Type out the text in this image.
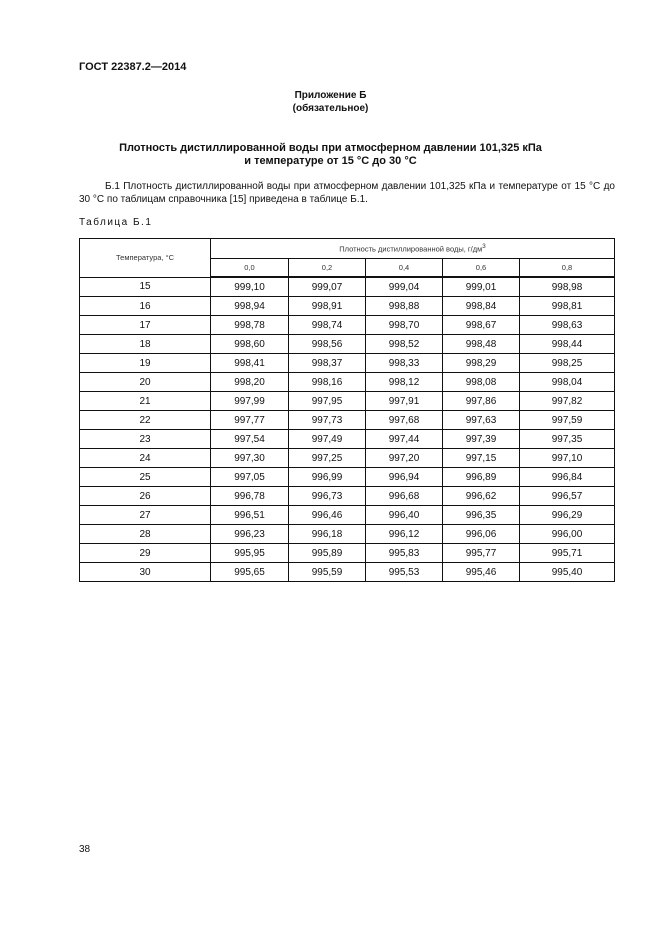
ГОСТ 22387.2—2014
Приложение Б
(обязательное)
Плотность дистиллированной воды при атмосферном давлении 101,325 кПа
и температуре от 15 °С до 30 °С
Б.1 Плотность дистиллированной воды при атмосферном давлении 101,325 кПа и температуре от 15 °С до 30 °С по таблицам справочника [15] приведена в таблице Б.1.
Таблица Б.1
Температура, °С	Плотность дистиллированной воды, $г/дм^3$
	0,0	0,2	0,4	0,6	0,8
15	999,10	999,07	999,04	999,01	998,98
16	998,94	998,91	998,88	998,84	998,81
17	998,78	998,74	998,70	998,67	998,63
18	998,60	998,56	998,52	998,48	998,44
19	998,41	998,37	998,33	998,29	998,25
20	998,20	998,16	998,12	998,08	998,04
21	997,99	997,95	997,91	997,86	997,82
22	997,77	997,73	997,68	997,63	997,59
23	997,54	997,49	997,44	997,39	997,35
24	997,30	997,25	997,20	997,15	997,10
25	997,05	996,99	996,94	996,89	996,84
26	996,78	996,73	996,68	996,62	996,57
27	996,51	996,46	996,40	996,35	996,29
28	996,23	996,18	996,12	996,06	996,00
29	995,95	995,89	995,83	995,77	995,71
30	995,65	995,59	995,53	995,46	995,40
38
